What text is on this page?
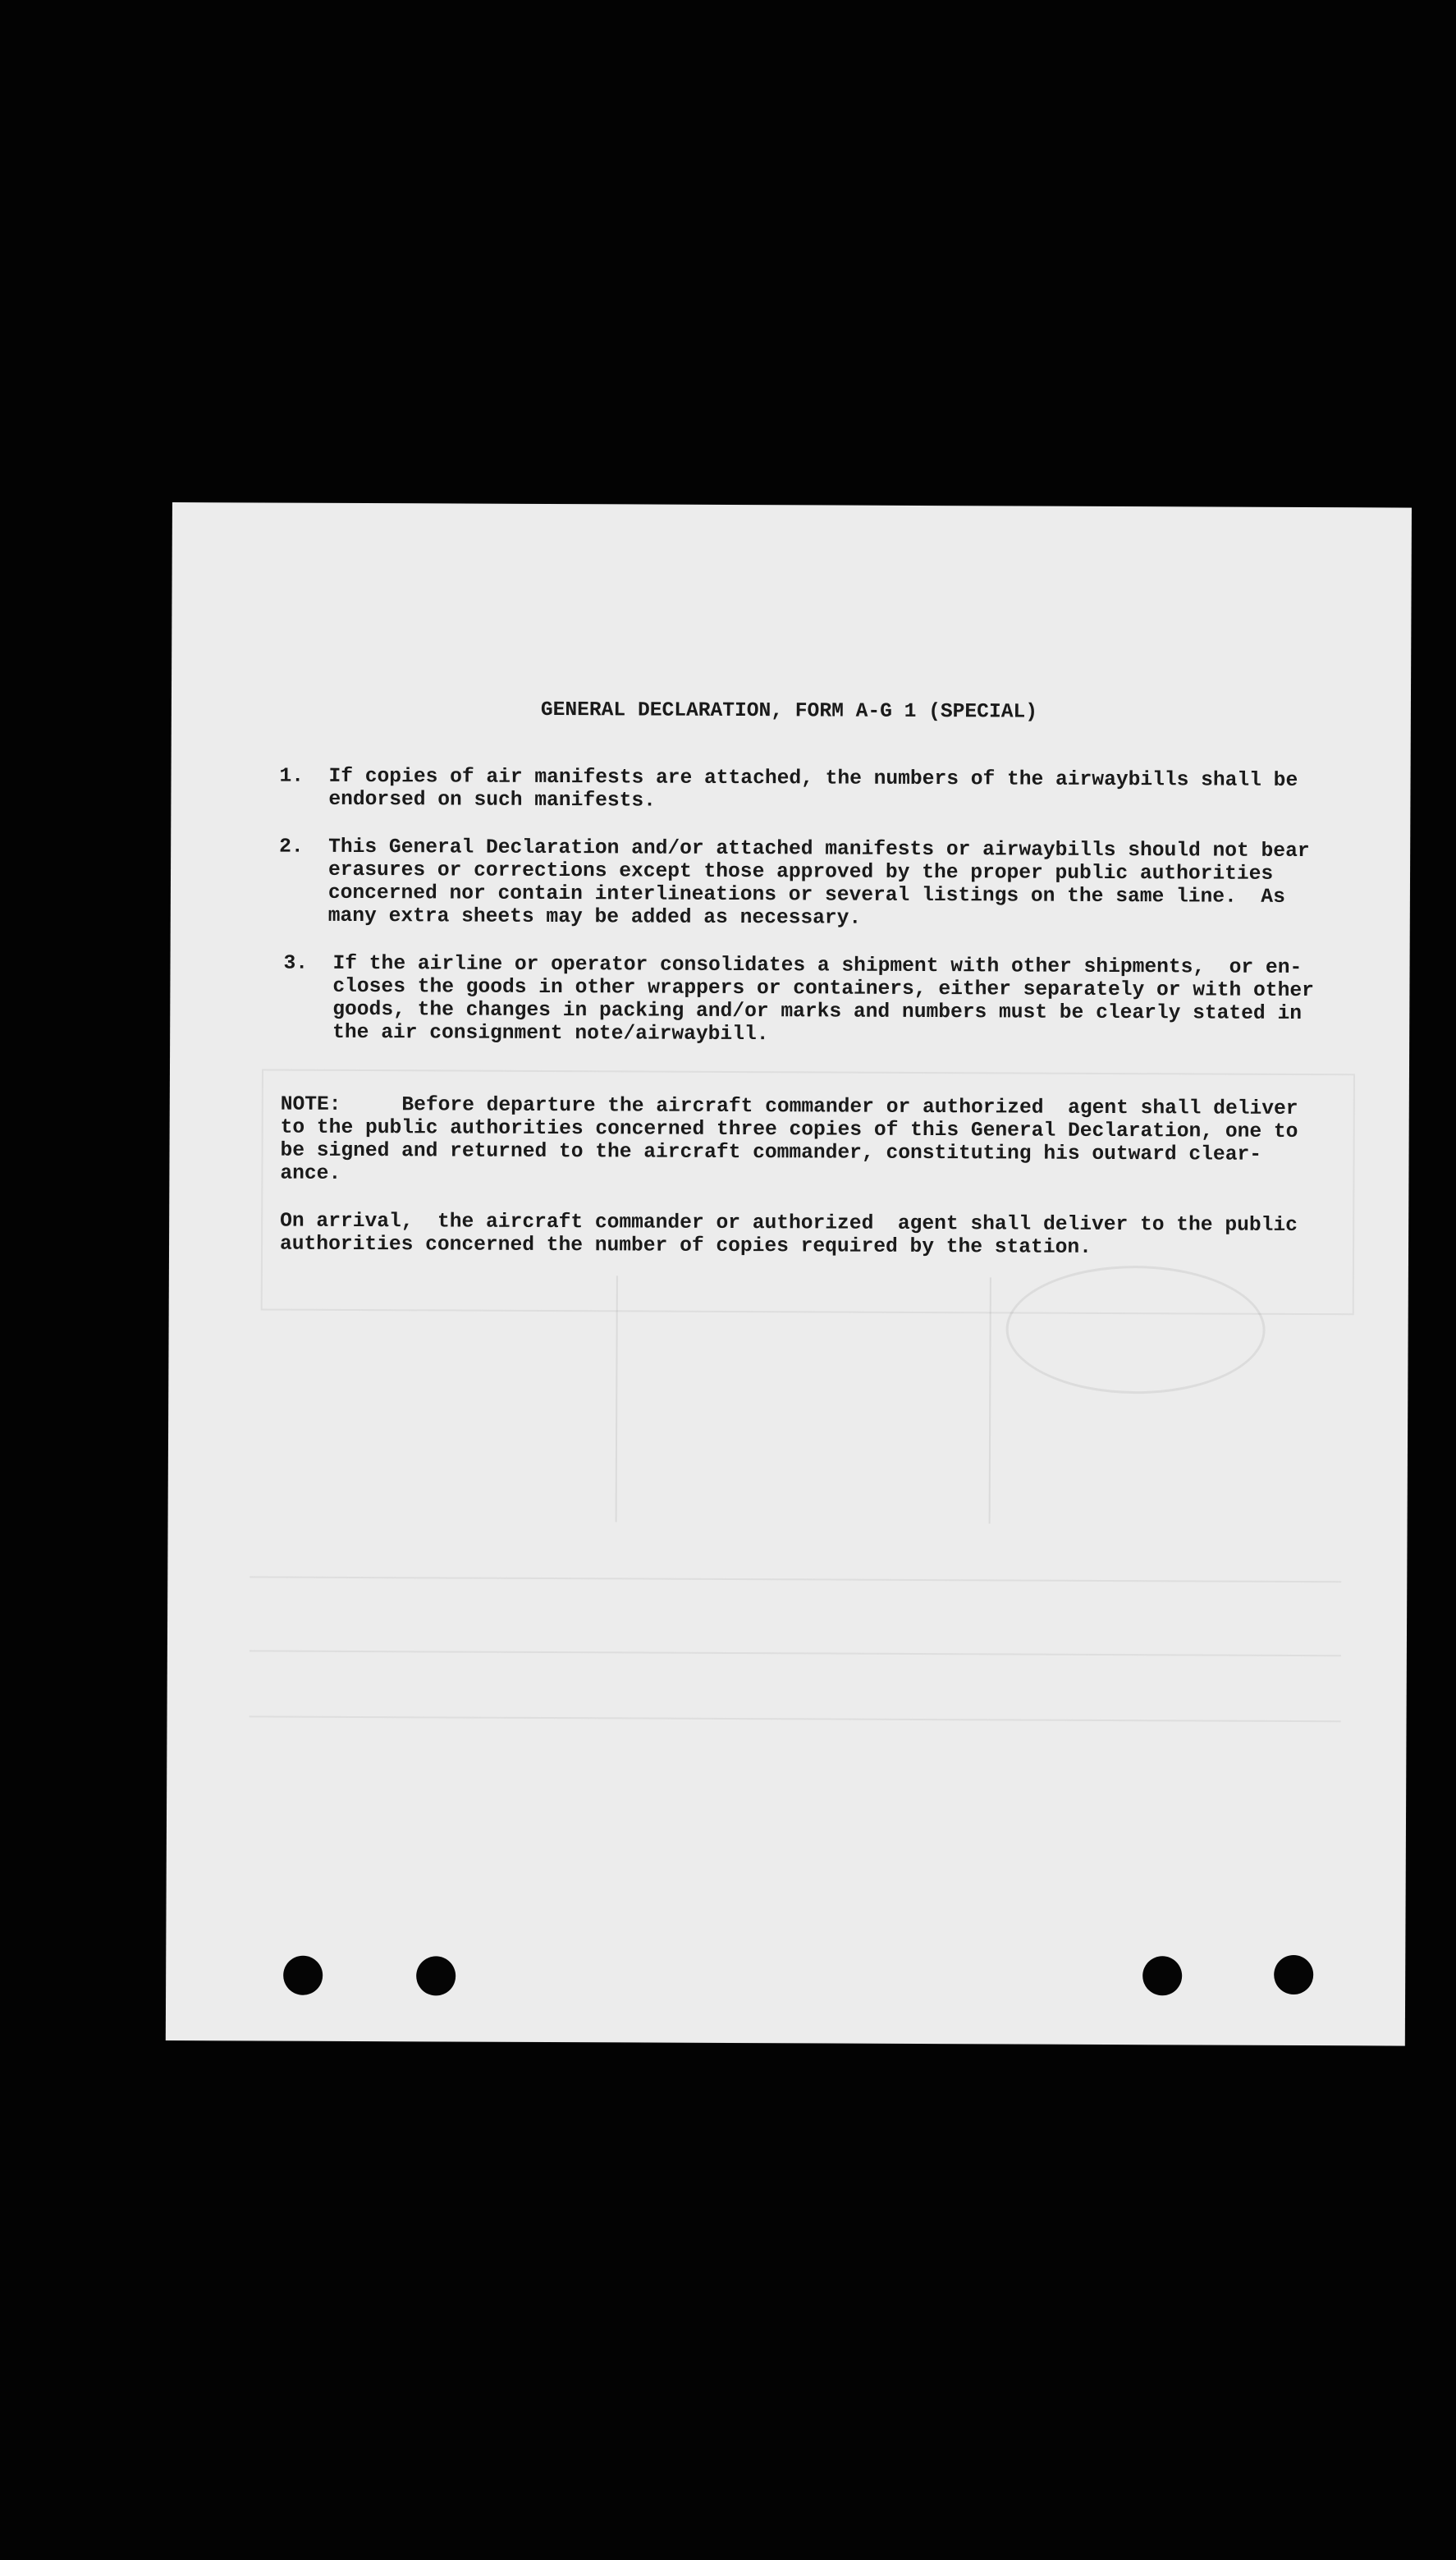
GENERAL DECLARATION, FORM A-G 1 (SPECIAL)
1. If copies of air manifests are attached, the numbers of the airwaybills shall be
endorsed on such manifests.
2. This General Declaration and/or attached manifests or airwaybills should not bear
erasures or corrections except those approved by the proper public authorities
concerned nor contain interlineations or several listings on the same line.  As
many extra sheets may be added as necessary.
3. If the airline or operator consolidates a shipment with other shipments,  or en-
closes the goods in other wrappers or containers, either separately or with other
goods, the changes in packing and/or marks and numbers must be clearly stated in
the air consignment note/airwaybill.
NOTE:     Before departure the aircraft commander or authorized  agent shall deliver
to the public authorities concerned three copies of this General Declaration, one to
be signed and returned to the aircraft commander, constituting his outward clear-
ance.
On arrival,  the aircraft commander or authorized  agent shall deliver to the public
authorities concerned the number of copies required by the station.
